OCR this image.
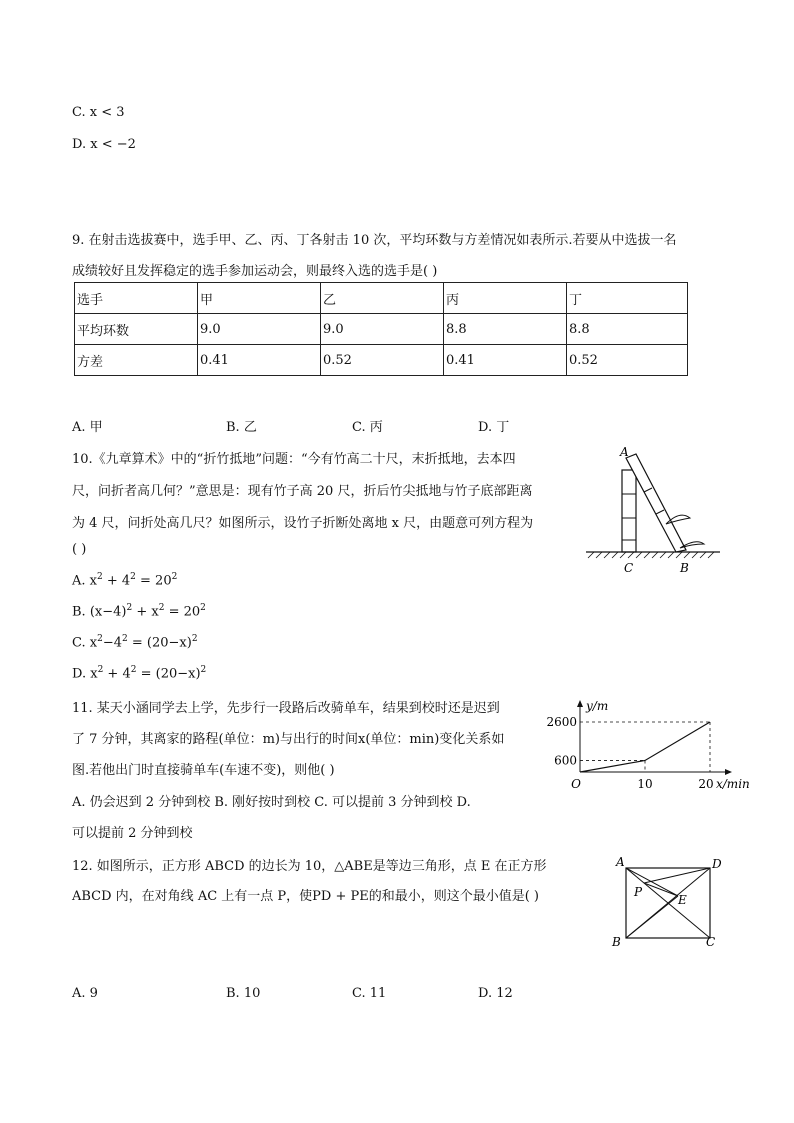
C. x < 3
D. x < −2
9. 在射击选拔赛中，选手甲、乙、丙、丁各射击 10 次，平均环数与方差情况如表所示.若要从中选拔一名
成绩较好且发挥稳定的选手参加运动会，则最终入选的选手是( )
选手	甲	乙	丙	丁
平均环数	9.0	9.0	8.8	8.8
方差	0.41	0.52	0.41	0.52
A. 甲	B. 乙	C. 丙	D. 丁
10.《九章算术》中的“折竹抵地”问题：“今有竹高二十尺，末折抵地，去本四
尺，问折者高几何？”意思是：现有竹子高 20 尺，折后竹尖抵地与竹子底部距离
为 4 尺，问折处高几尺？如图所示，设竹子折断处离地 x 尺，由题意可列方程为
( )
A. $x^2 + 4^2 = 20^2$
B. $(x-4)^2 + x^2 = 20^2$
C. $x^2-4^2 = (20-x)^2$
D. $x^2 + 4^2 = (20-x)^2$
A
C	B
11. 某天小涵同学去上学，先步行一段路后改骑单车，结果到校时还是迟到
了 7 分钟，其离家的路程(单位：m)与出行的时间x(单位：min)变化关系如
图.若他出门时直接骑单车(车速不变)，则他( )
A. 仍会迟到 2 分钟到校 B. 刚好按时到校 C. 可以提前 3 分钟到校 D.
可以提前 2 分钟到校
y/m
x/min
O	10	20
600
2600
12. 如图所示，正方形 ABCD 的边长为 10，△ABE是等边三角形，点 E 在正方形
ABCD 内，在对角线 AC 上有一点 P，使PD + PE的和最小，则这个最小值是( )
A	D
B	C
P
E
A. 9	B. 10	C. 11	D. 12
